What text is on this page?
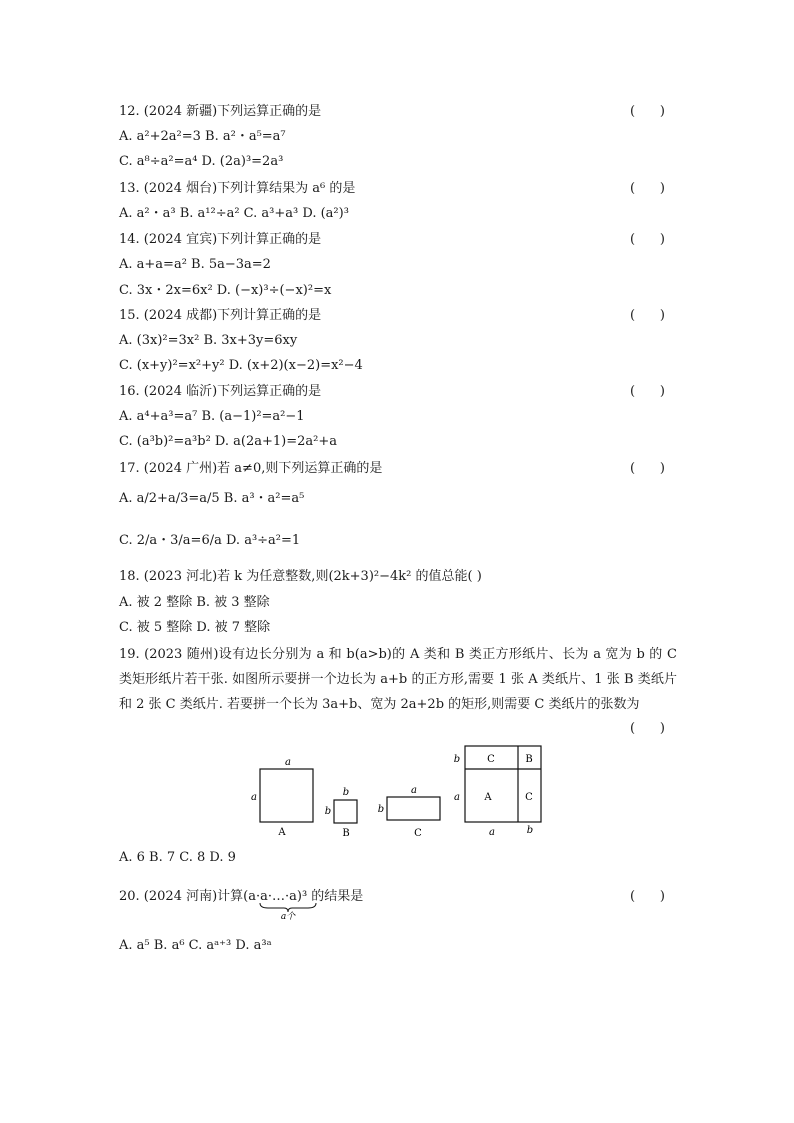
12. (2024 新疆)下列运算正确的是	(      )
A. a²+2a²=3 B. a²・a⁵=a⁷
C. a⁸÷a²=a⁴ D. (2a)³=2a³
13. (2024 烟台)下列计算结果为 a⁶ 的是	(      )
A. a²・a³ B. a¹²÷a² C. a³+a³ D. (a²)³
14. (2024 宜宾)下列计算正确的是	(      )
A. a+a=a² B. 5a−3a=2
C. 3x・2x=6x² D. (−x)³÷(−x)²=x
15. (2024 成都)下列计算正确的是	(      )
A. (3x)²=3x² B. 3x+3y=6xy
C. (x+y)²=x²+y² D. (x+2)(x−2)=x²−4
16. (2024 临沂)下列运算正确的是	(      )
A. a⁴+a³=a⁷ B. (a−1)²=a²−1
C. (a³b)²=a³b² D. a(2a+1)=2a²+a
17. (2024 广州)若 a≠0,则下列运算正确的是	(      )
A. a/2+a/3=a/5 B. a³・a²=a⁵
C. 2/a・3/a=6/a D. a³÷a²=1
18. (2023 河北)若 k 为任意整数,则(2k+3)²−4k² 的值总能( )
A. 被 2 整除 B. 被 3 整除
C. 被 5 整除 D. 被 7 整除
19. (2023 随州)设有边长分别为 a 和 b(a>b)的 A 类和 B 类正方形纸片、长为 a 宽为 b 的 C 类矩形纸片若干张. 如图所示要拼一个边长为 a+b 的正方形,需要 1 张 A 类纸片、1 张 B 类纸片和 2 张 C 类纸片. 若要拼一个长为 3a+b、宽为 2a+2b 的矩形,则需要 C 类纸片的张数为
(      )
a
a
A
b
b
B
a
b
C
C	B
A	C
b
a
a	b
A. 6 B. 7 C. 8 D. 9
20. (2024 河南)计算(a·a·…·a)³ 的结果是	(      )
a个
A. a⁵ B. a⁶ C. aᵃ⁺³ D. a³ᵃ
